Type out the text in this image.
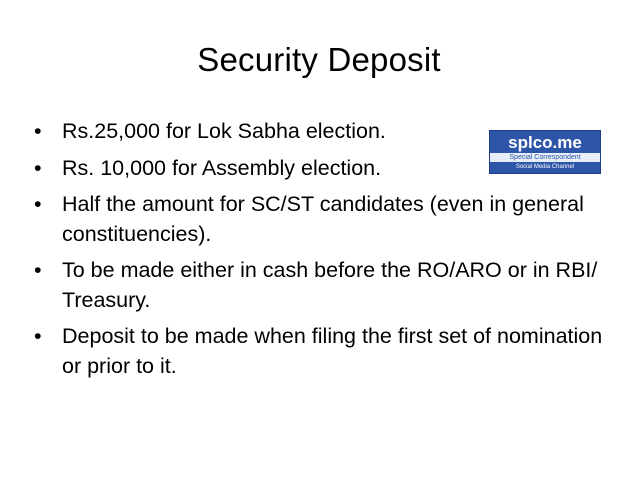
Security Deposit
splco.me
Special Correspondent
Social Media Channel
• Rs.25,000 for Lok Sabha election.
• Rs. 10,000 for Assembly election.
• Half the amount for SC/ST candidates (even in general constituencies).
• To be made either in cash before the RO/ARO or in RBI/ Treasury.
• Deposit to be made when filing the first set of nomination or prior to it.
